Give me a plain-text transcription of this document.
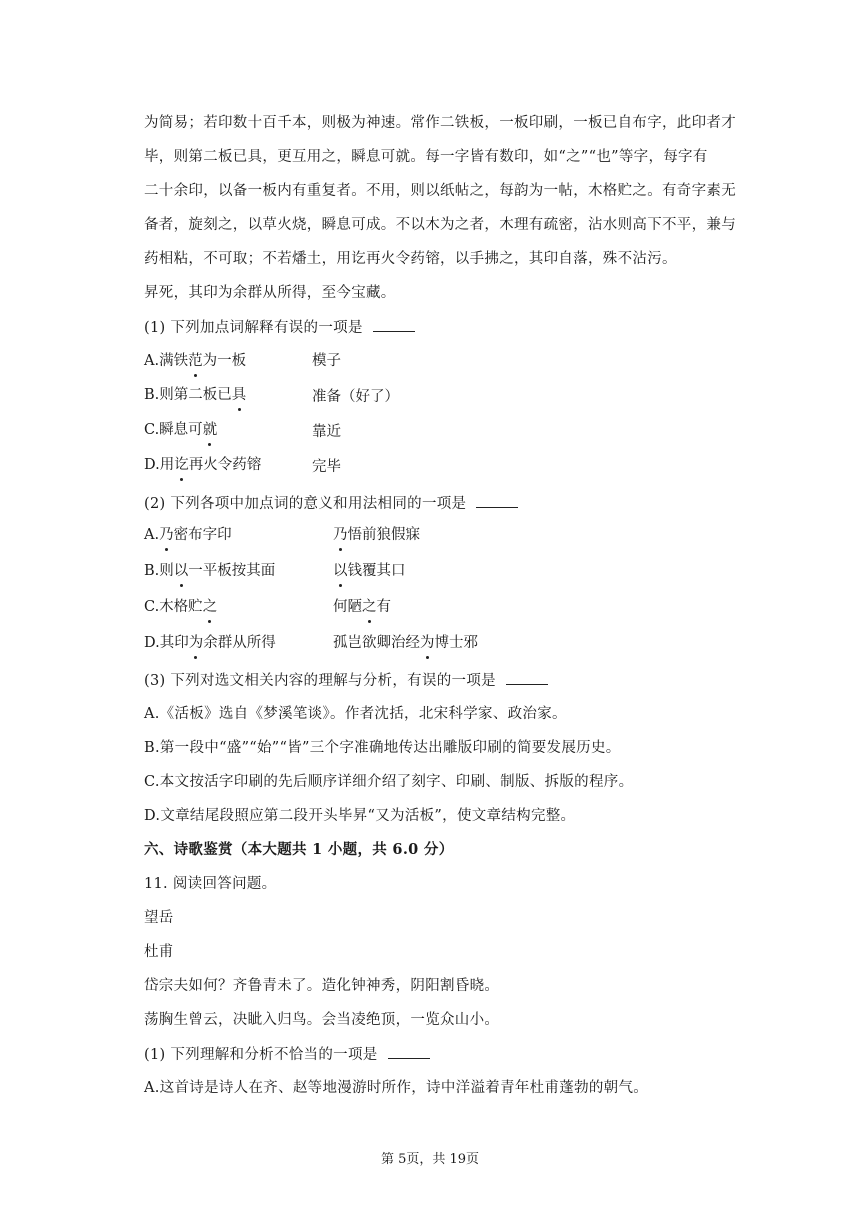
为简易；若印数十百千本，则极为神速。常作二铁板，一板印刷，一板已自布字，此印者才
毕，则第二板已具，更互用之，瞬息可就。每一字皆有数印，如“之”“也”等字，每字有
二十余印，以备一板内有重复者。不用，则以纸帖之，每韵为一帖，木格贮之。有奇字素无
备者，旋刻之，以草火烧，瞬息可成。不以木为之者，木理有疏密，沾水则高下不平，兼与
药相粘，不可取；不若燔土，用讫再火令药镕，以手拂之，其印自落，殊不沾污。
昇死，其印为余群从所得，至今宝藏。
(1) 下列加点词解释有误的一项是
A.满铁范为一板	模子
B.则第二板已具	准备（好了）
C.瞬息可就	靠近
D.用讫再火令药镕	完毕
(2) 下列各项中加点词的意义和用法相同的一项是
A.乃密布字印	乃悟前狼假寐
B.则以一平板按其面	以钱覆其口
C.木格贮之	何陋之有
D.其印为余群从所得	孤岂欲卿治经为博士邪
(3) 下列对选文相关内容的理解与分析，有误的一项是
A.《活板》选自《梦溪笔谈》。作者沈括，北宋科学家、政治家。
B.第一段中“盛”“始”“皆”三个字准确地传达出雕版印刷的简要发展历史。
C.本文按活字印刷的先后顺序详细介绍了刻字、印刷、制版、拆版的程序。
D.文章结尾段照应第二段开头毕昇“又为活板”，使文章结构完整。
六、诗歌鉴赏（本大题共 1 小题，共 6.0 分）
11. 阅读回答问题。
望岳
杜甫
岱宗夫如何？齐鲁青未了。造化钟神秀，阴阳割昏晓。
荡胸生曾云，决眦入归鸟。会当凌绝顶，一览众山小。
(1) 下列理解和分析不恰当的一项是
A.这首诗是诗人在齐、赵等地漫游时所作，诗中洋溢着青年杜甫蓬勃的朝气。
第 5页，共 19页
